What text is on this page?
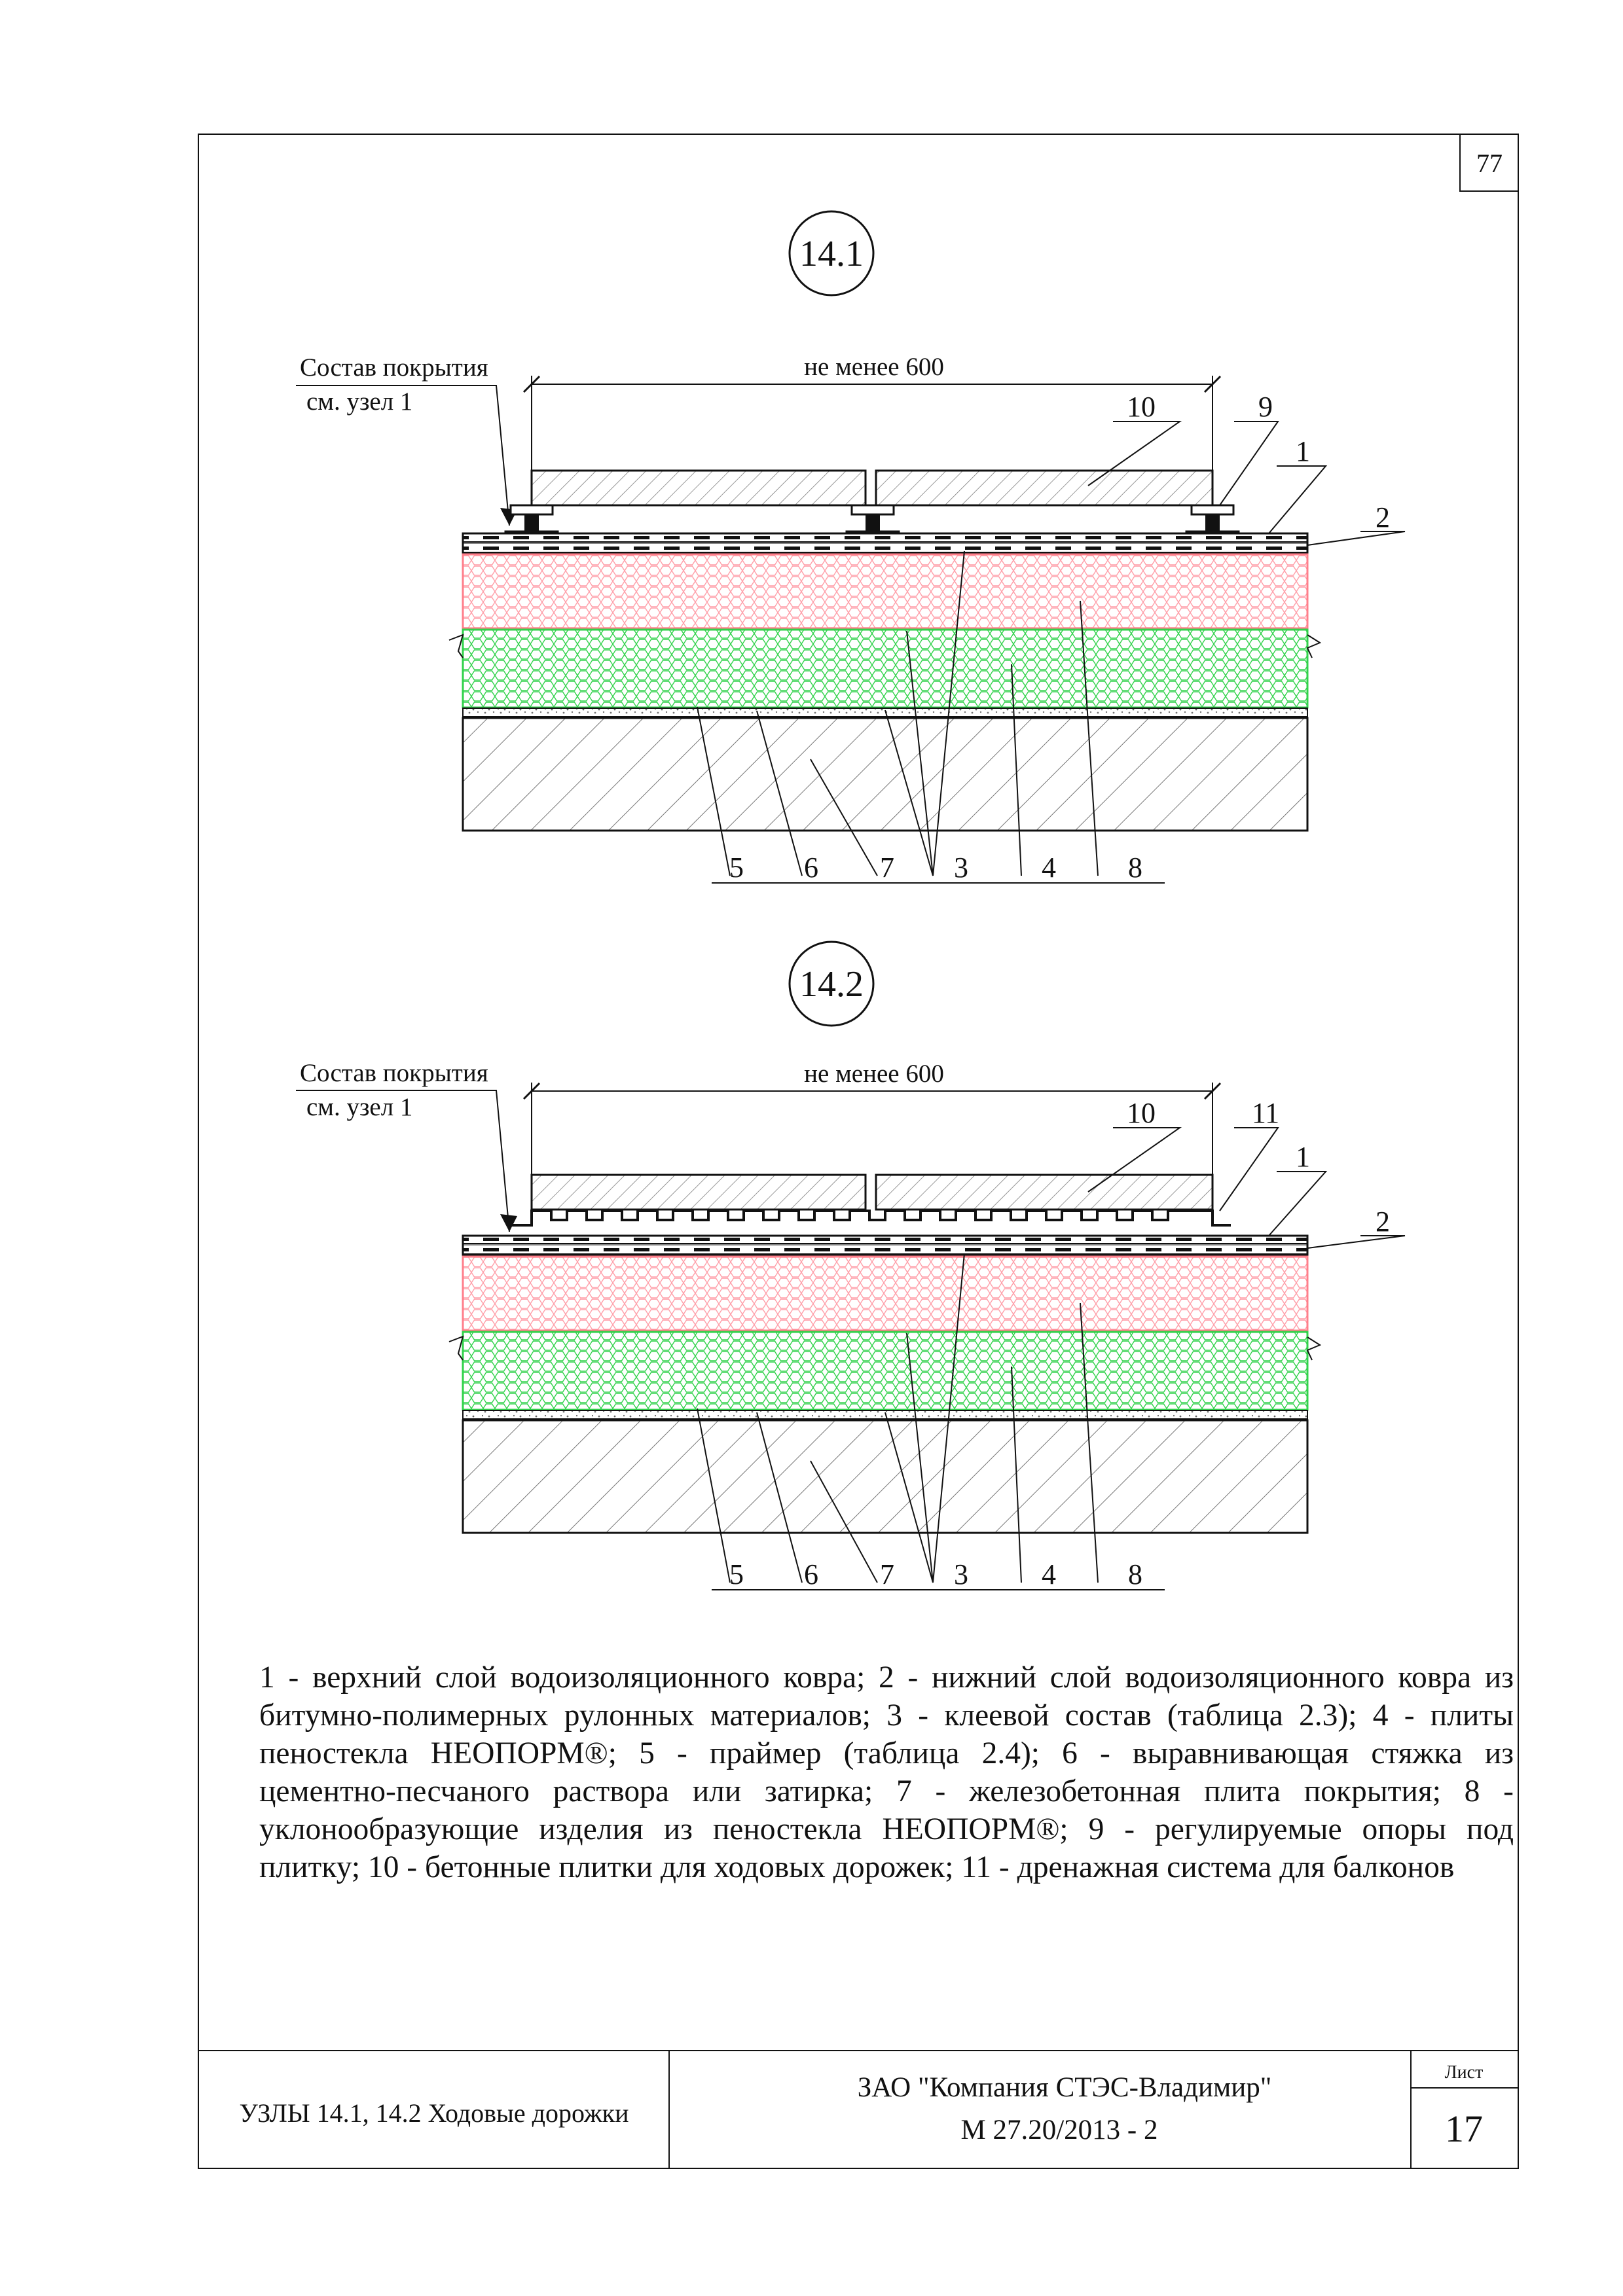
77
14.1
Состав покрытия
см. узел 1
не менее 600
10	9
1
2
5 6 7 3	4	8
14.2
Состав покрытия
см. узел 1
не менее 600
10	11
1
2
5 6 7 3	4	8
УЗЛЫ 14.1, 14.2 Ходовые дорожки
ЗАО "Компания СТЭС-Владимир"
М 27.20/2013 - 2
Лист
17
1 - верхний слой водоизоляционного ковра; 2 - нижний слой водоизоляционного ковра из
битумно-полимерных рулонных материалов; 3 - клеевой состав (таблица 2.3); 4 - плиты
пеностекла НЕОПОРМ®; 5 - праймер (таблица 2.4); 6 - выравнивающая стяжка из
цементно-песчаного раствора или затирка; 7 - железобетонная плита покрытия; 8 -
уклонообразующие изделия из пеностекла НЕОПОРМ®; 9 - регулируемые опоры под
плитку; 10 - бетонные плитки для ходовых дорожек; 11 - дренажная система для балконов
